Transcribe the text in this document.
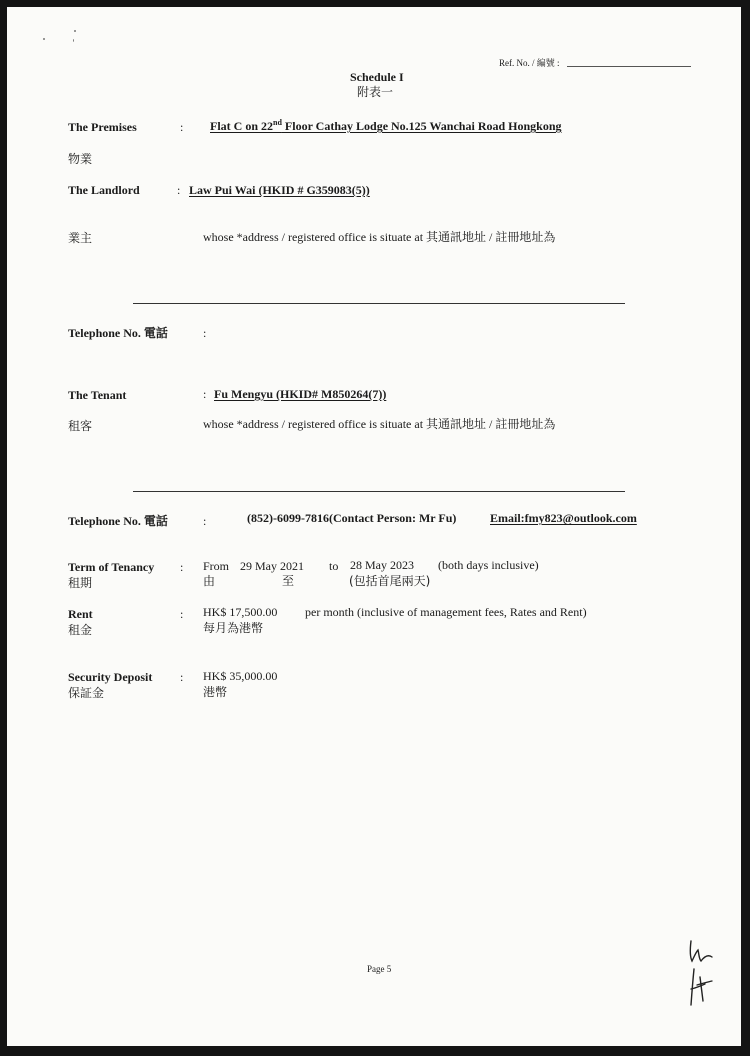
Ref. No. / 編號 :
Schedule I
附表一
The Premises	: Flat C on 22nd Floor Cathay Lodge No.125 Wanchai Road Hongkong
物業
The Landlord	: Law Pui Wai (HKID # G359083(5))
業主	whose *address / registered office is situate at 其通訊地址 / 註冊地址為
Telephone No. 電話	:
The Tenant	: Fu Mengyu (HKID# M850264(7))
租客	whose *address / registered office is situate at 其通訊地址 / 註冊地址為
Telephone No. 電話	:	(852)-6099-7816(Contact Person: Mr Fu)	Email:fmy823@outlook.com
Term of Tenancy : From 29 May 2021 to 28 May 2023 (both days inclusive)
租期	由	至	(包括首尾兩天)
Rent	: HK$ 17,500.00 per month (inclusive of management fees, Rates and Rent)
租金	每月為港幣
Security Deposit : HK$ 35,000.00
保証金	港幣
Page 5
